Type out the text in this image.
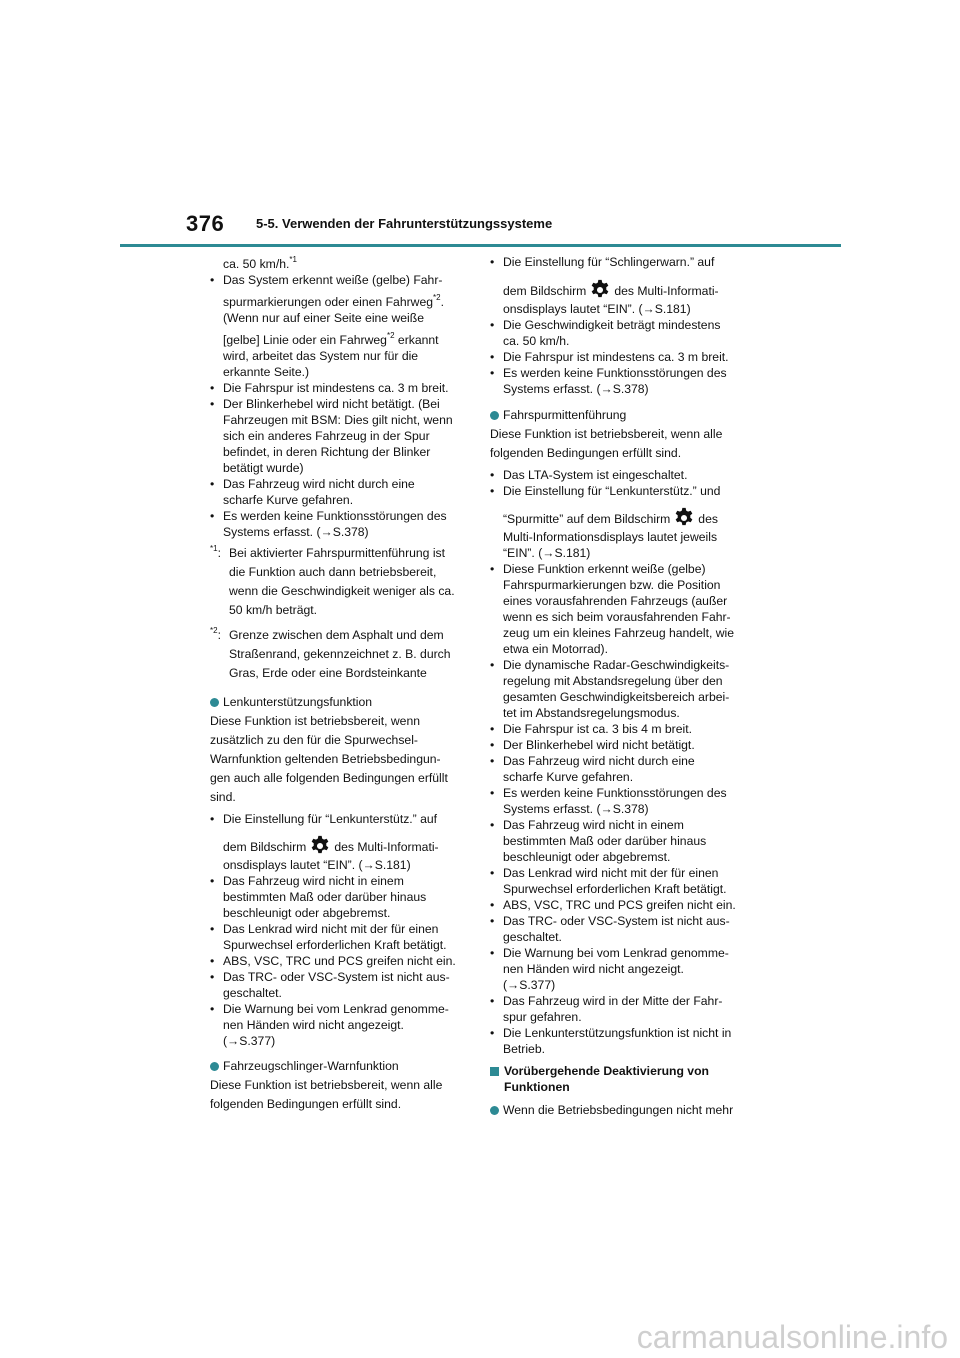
376 5-5. Verwenden der Fahrunterstützungssysteme
ca. 50 km/h.$^{*1}$
• Das System erkennt weiße (gelbe) Fahr-
spurmarkierungen oder einen Fahrweg$^{*2}$.
(Wenn nur auf einer Seite eine weiße
[gelbe] Linie oder ein Fahrweg$^{*2}$ erkannt
wird, arbeitet das System nur für die
erkannte Seite.)
• Die Fahrspur ist mindestens ca. 3 m breit.
• Der Blinkerhebel wird nicht betätigt. (Bei
Fahrzeugen mit BSM: Dies gilt nicht, wenn
sich ein anderes Fahrzeug in der Spur
befindet, in deren Richtung der Blinker
betätigt wurde)
• Das Fahrzeug wird nicht durch eine
scharfe Kurve gefahren.
• Es werden keine Funktionsstörungen des
Systems erfasst. (→S.378)
$^{*1}$: Bei aktivierter Fahrspurmittenführung ist
die Funktion auch dann betriebsbereit,
wenn die Geschwindigkeit weniger als ca.
50 km/h beträgt.
$^{*2}$: Grenze zwischen dem Asphalt und dem
Straßenrand, gekennzeichnet z. B. durch
Gras, Erde oder eine Bordsteinkante
Lenkunterstützungsfunktion
Diese Funktion ist betriebsbereit, wenn
zusätzlich zu den für die Spurwechsel-
Warnfunktion geltenden Betriebsbedingun-
gen auch alle folgenden Bedingungen erfüllt
sind.
• Die Einstellung für “Lenkunterstütz.” auf
dem Bildschirm des Multi-Informati-
onsdisplays lautet “EIN”. (→S.181)
• Das Fahrzeug wird nicht in einem
bestimmten Maß oder darüber hinaus
beschleunigt oder abgebremst.
• Das Lenkrad wird nicht mit der für einen
Spurwechsel erforderlichen Kraft betätigt.
• ABS, VSC, TRC und PCS greifen nicht ein.
• Das TRC- oder VSC-System ist nicht aus-
geschaltet.
• Die Warnung bei vom Lenkrad genomme-
nen Händen wird nicht angezeigt.
(→S.377)
Fahrzeugschlinger-Warnfunktion
Diese Funktion ist betriebsbereit, wenn alle
folgenden Bedingungen erfüllt sind.
• Die Einstellung für “Schlingerwarn.” auf
dem Bildschirm des Multi-Informati-
onsdisplays lautet “EIN”. (→S.181)
• Die Geschwindigkeit beträgt mindestens
ca. 50 km/h.
• Die Fahrspur ist mindestens ca. 3 m breit.
• Es werden keine Funktionsstörungen des
Systems erfasst. (→S.378)
Fahrspurmittenführung
Diese Funktion ist betriebsbereit, wenn alle
folgenden Bedingungen erfüllt sind.
• Das LTA-System ist eingeschaltet.
• Die Einstellung für “Lenkunterstütz.” und
“Spurmitte” auf dem Bildschirm des
Multi-Informationsdisplays lautet jeweils
“EIN”. (→S.181)
• Diese Funktion erkennt weiße (gelbe)
Fahrspurmarkierungen bzw. die Position
eines vorausfahrenden Fahrzeugs (außer
wenn es sich beim vorausfahrenden Fahr-
zeug um ein kleines Fahrzeug handelt, wie
etwa ein Motorrad).
• Die dynamische Radar-Geschwindigkeits-
regelung mit Abstandsregelung über den
gesamten Geschwindigkeitsbereich arbei-
tet im Abstandsregelungsmodus.
• Die Fahrspur ist ca. 3 bis 4 m breit.
• Der Blinkerhebel wird nicht betätigt.
• Das Fahrzeug wird nicht durch eine
scharfe Kurve gefahren.
• Es werden keine Funktionsstörungen des
Systems erfasst. (→S.378)
• Das Fahrzeug wird nicht in einem
bestimmten Maß oder darüber hinaus
beschleunigt oder abgebremst.
• Das Lenkrad wird nicht mit der für einen
Spurwechsel erforderlichen Kraft betätigt.
• ABS, VSC, TRC und PCS greifen nicht ein.
• Das TRC- oder VSC-System ist nicht aus-
geschaltet.
• Die Warnung bei vom Lenkrad genomme-
nen Händen wird nicht angezeigt.
(→S.377)
• Das Fahrzeug wird in der Mitte der Fahr-
spur gefahren.
• Die Lenkunterstützungsfunktion ist nicht in
Betrieb.
Vorübergehende Deaktivierung von
Funktionen
Wenn die Betriebsbedingungen nicht mehr
carmanualsonline.info
